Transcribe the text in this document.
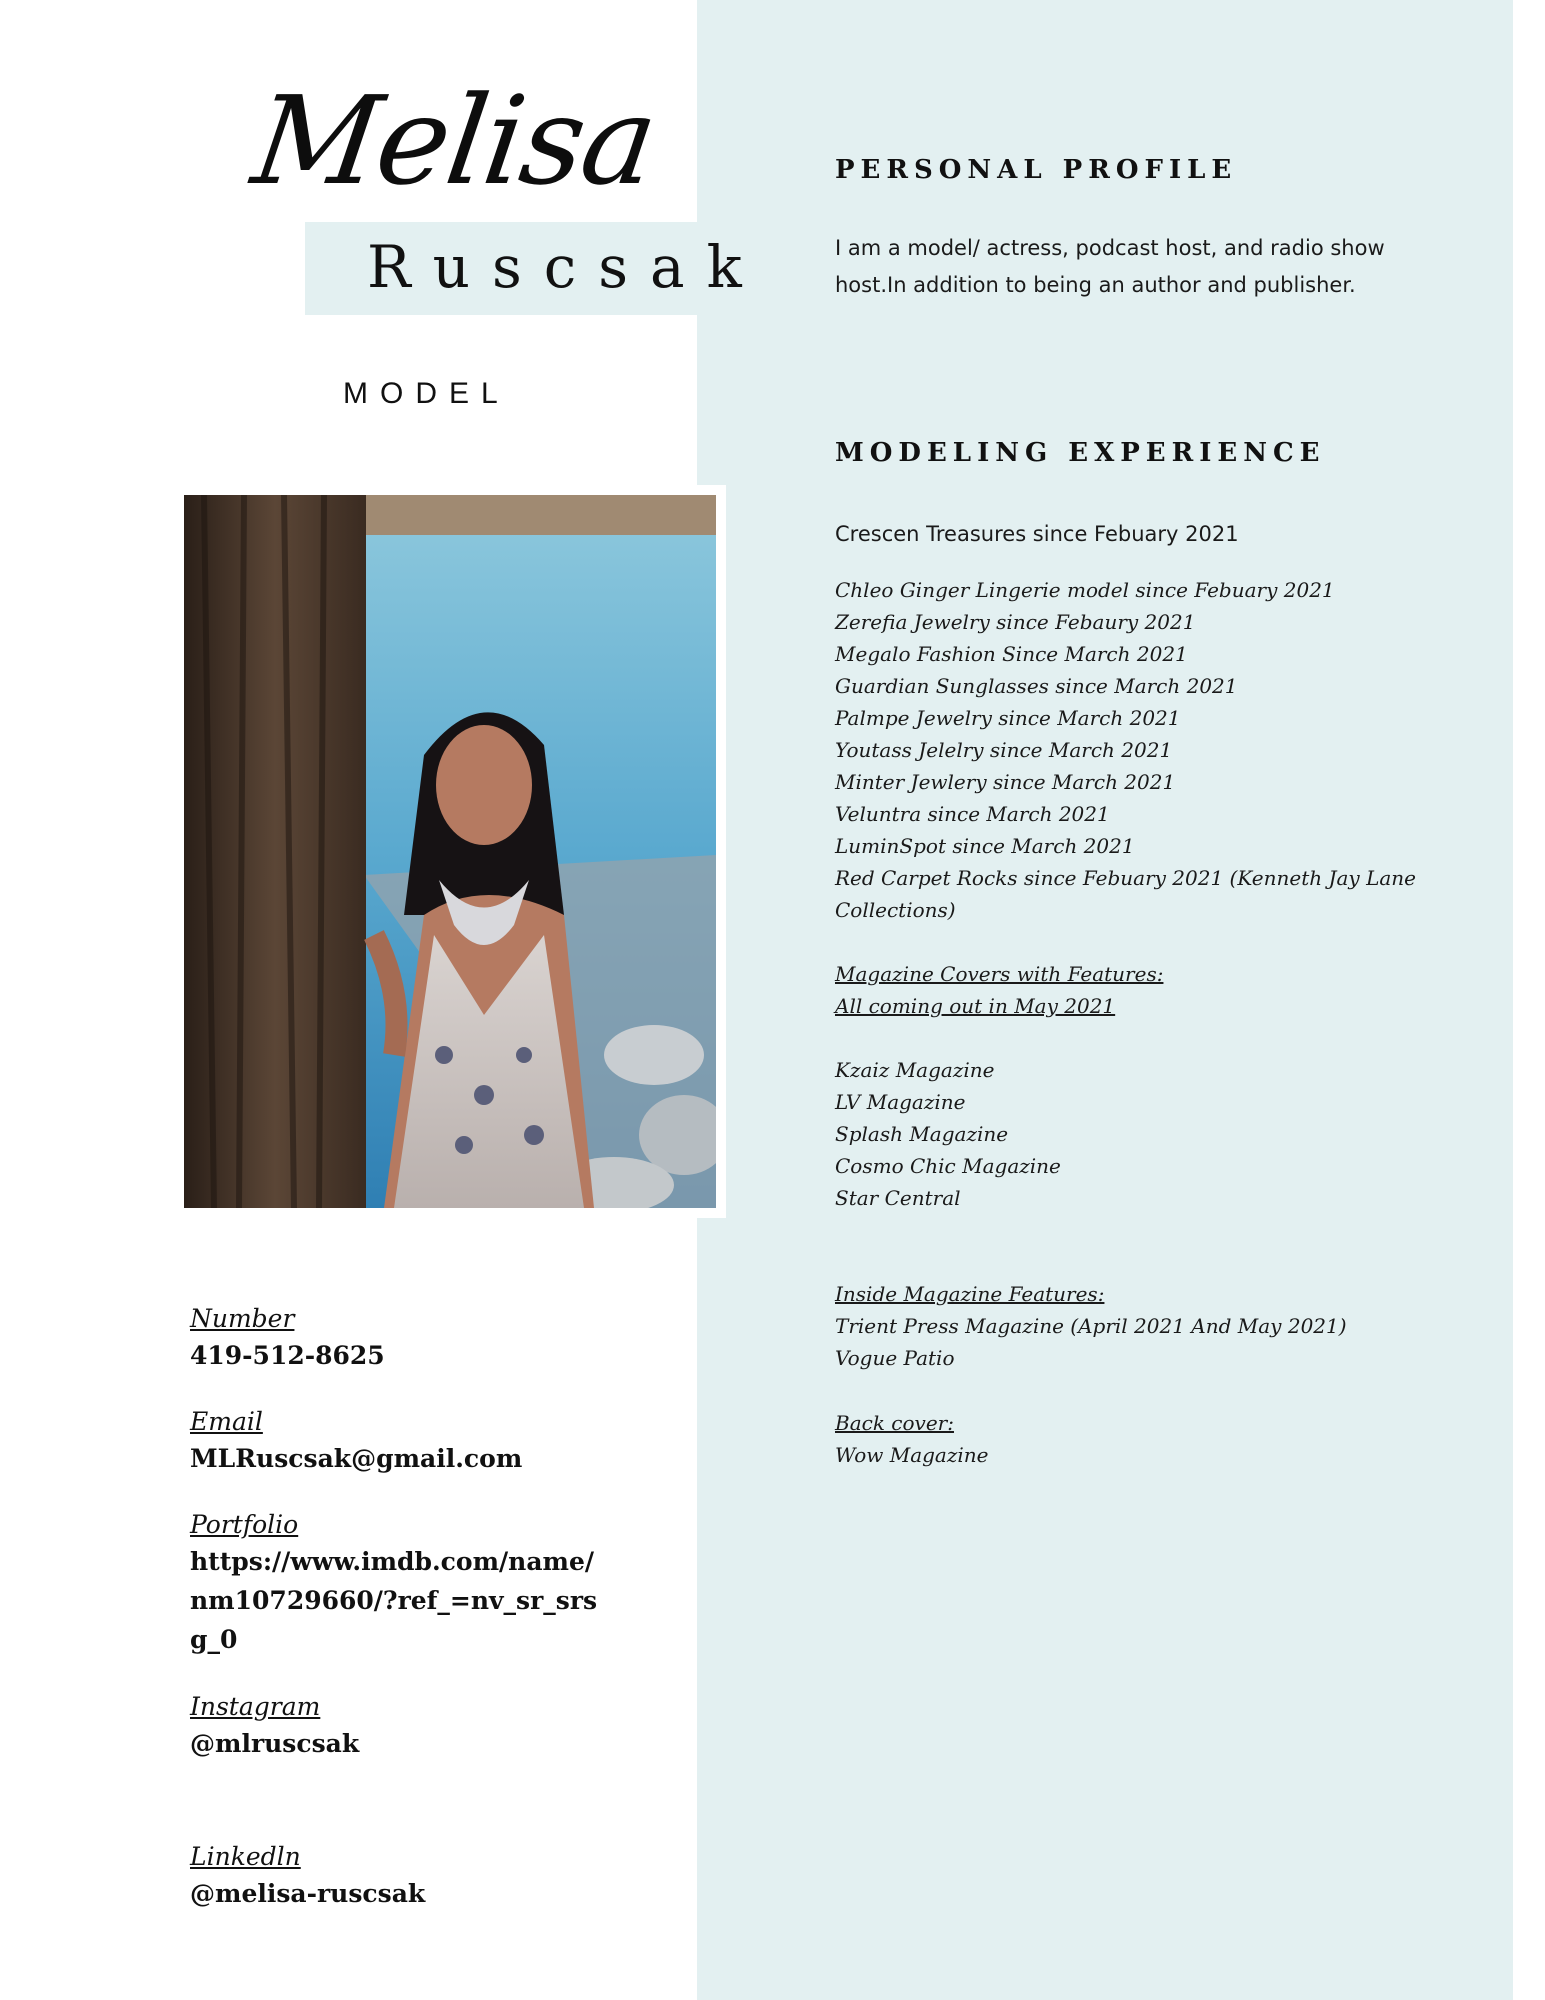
Melisa
Ruscsak
MODEL
Number
419-512-8625
Email
MLRuscsak@gmail.com
Portfolio
https://www.imdb.com/name/nm10729660/?ref_=nv_sr_srsg_0
Instagram
@mlruscsak
Linkedln
@melisa-ruscsak
PERSONAL PROFILE
I am a model/ actress, podcast host, and radio show host.In addition to being an author and publisher.
MODELING EXPERIENCE
Crescen Treasures since Febuary 2021
Chleo Ginger Lingerie model since Febuary 2021
Zerefia Jewelry since Febaury 2021
Megalo Fashion Since March 2021
Guardian Sunglasses since March 2021
Palmpe Jewelry since March 2021
Youtass Jelelry since March 2021
Minter Jewlery since March 2021
Veluntra since March 2021
LuminSpot since March 2021
Red Carpet Rocks since Febuary 2021 (Kenneth Jay Lane Collections)
Magazine Covers with Features:
All coming out in May 2021
Kzaiz Magazine
LV Magazine
Splash Magazine
Cosmo Chic Magazine
Star Central
Inside Magazine Features:
Trient Press Magazine (April 2021 And May 2021)
Vogue Patio
Back cover:
Wow Magazine
